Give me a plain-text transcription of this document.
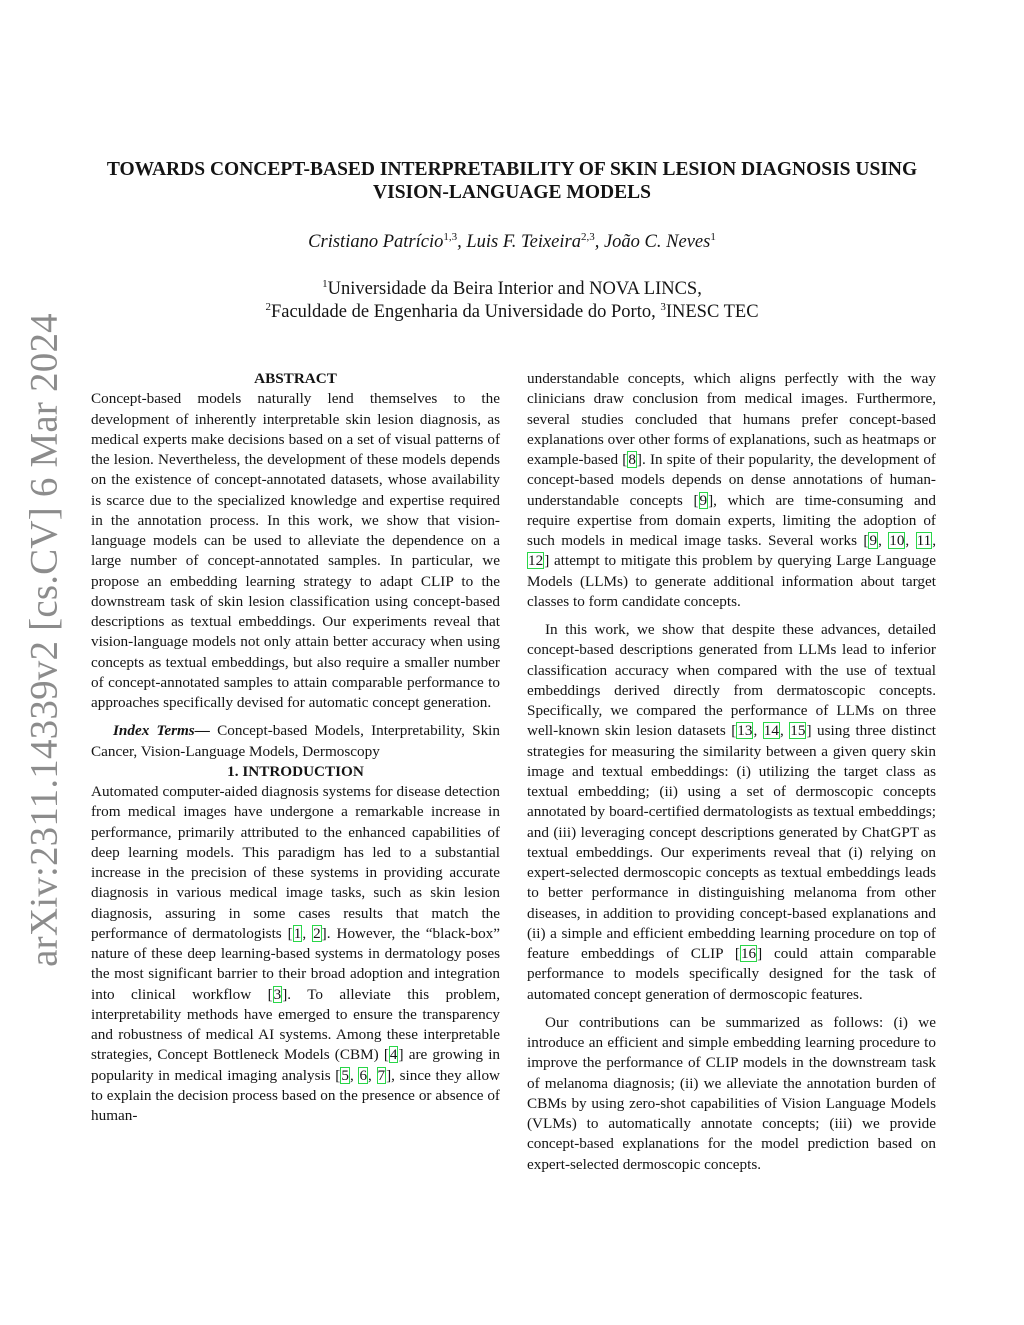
arXiv:2311.14339v2 [cs.CV] 6 Mar 2024
TOWARDS CONCEPT-BASED INTERPRETABILITY OF SKIN LESION DIAGNOSIS USING
VISION-LANGUAGE MODELS

Cristiano Patrício$^{1,3}$, Luis F. Teixeira$^{2,3}$, João C. Neves$^1$

$^1$Universidade da Beira Interior and NOVA LINCS,
$^2$Faculdade de Engenharia da Universidade do Porto, $^3$INESC TEC

ABSTRACT

Concept-based models naturally lend themselves to the development of inherently interpretable skin lesion diagnosis, as medical experts make decisions based on a set of visual patterns of the lesion. Nevertheless, the development of these models depends on the existence of concept-annotated datasets, whose availability is scarce due to the specialized knowledge and expertise required in the annotation process. In this work, we show that vision-language models can be used to alleviate the dependence on a large number of concept-annotated samples. In particular, we propose an embedding learning strategy to adapt CLIP to the downstream task of skin lesion classification using concept-based descriptions as textual embeddings. Our experiments reveal that vision-language models not only attain better accuracy when using concepts as textual embeddings, but also require a smaller number of concept-annotated samples to attain comparable performance to approaches specifically devised for automatic concept generation.

Index Terms— Concept-based Models, Interpretability, Skin Cancer, Vision-Language Models, Dermoscopy

1. INTRODUCTION

Automated computer-aided diagnosis systems for disease detection from medical images have undergone a remarkable increase in performance, primarily attributed to the enhanced capabilities of deep learning models. This paradigm has led to a substantial increase in the precision of these systems in providing accurate diagnosis in various medical image tasks, such as skin lesion diagnosis, assuring in some cases results that match the performance of dermatologists [1, 2]. However, the “black-box” nature of these deep learning-based systems in dermatology poses the most significant barrier to their broad adoption and integration into clinical workflow [3]. To alleviate this problem, interpretability methods have emerged to ensure the transparency and robustness of medical AI systems. Among these interpretable strategies, Concept Bottleneck Models (CBM) [4] are growing in popularity in medical imaging analysis [5, 6, 7], since they allow to explain the decision process based on the presence or absence of human-

understandable concepts, which aligns perfectly with the way clinicians draw conclusion from medical images. Furthermore, several studies concluded that humans prefer concept-based explanations over other forms of explanations, such as heatmaps or example-based [8]. In spite of their popularity, the development of concept-based models depends on dense annotations of human-understandable concepts [9], which are time-consuming and require expertise from domain experts, limiting the adoption of such models in medical image tasks. Several works [9, 10, 11, 12] attempt to mitigate this problem by querying Large Language Models (LLMs) to generate additional information about target classes to form candidate concepts.

In this work, we show that despite these advances, detailed concept-based descriptions generated from LLMs lead to inferior classification accuracy when compared with the use of textual embeddings derived directly from dermatoscopic concepts. Specifically, we compared the performance of LLMs on three well-known skin lesion datasets [13, 14, 15] using three distinct strategies for measuring the similarity between a given query skin image and textual embeddings: (i) utilizing the target class as textual embedding; (ii) using a set of dermoscopic concepts annotated by board-certified dermatologists as textual embeddings; and (iii) leveraging concept descriptions generated by ChatGPT as textual embeddings. Our experiments reveal that (i) relying on expert-selected dermoscopic concepts as textual embeddings leads to better performance in distinguishing melanoma from other diseases, in addition to providing concept-based explanations and (ii) a simple and efficient embedding learning procedure on top of feature embeddings of CLIP [16] could attain comparable performance to models specifically designed for the task of automated concept generation of dermoscopic features.

Our contributions can be summarized as follows: (i) we introduce an efficient and simple embedding learning procedure to improve the performance of CLIP models in the downstream task of melanoma diagnosis; (ii) we alleviate the annotation burden of CBMs by using zero-shot capabilities of Vision Language Models (VLMs) to automatically annotate concepts; (iii) we provide concept-based explanations for the model prediction based on expert-selected dermoscopic concepts.
